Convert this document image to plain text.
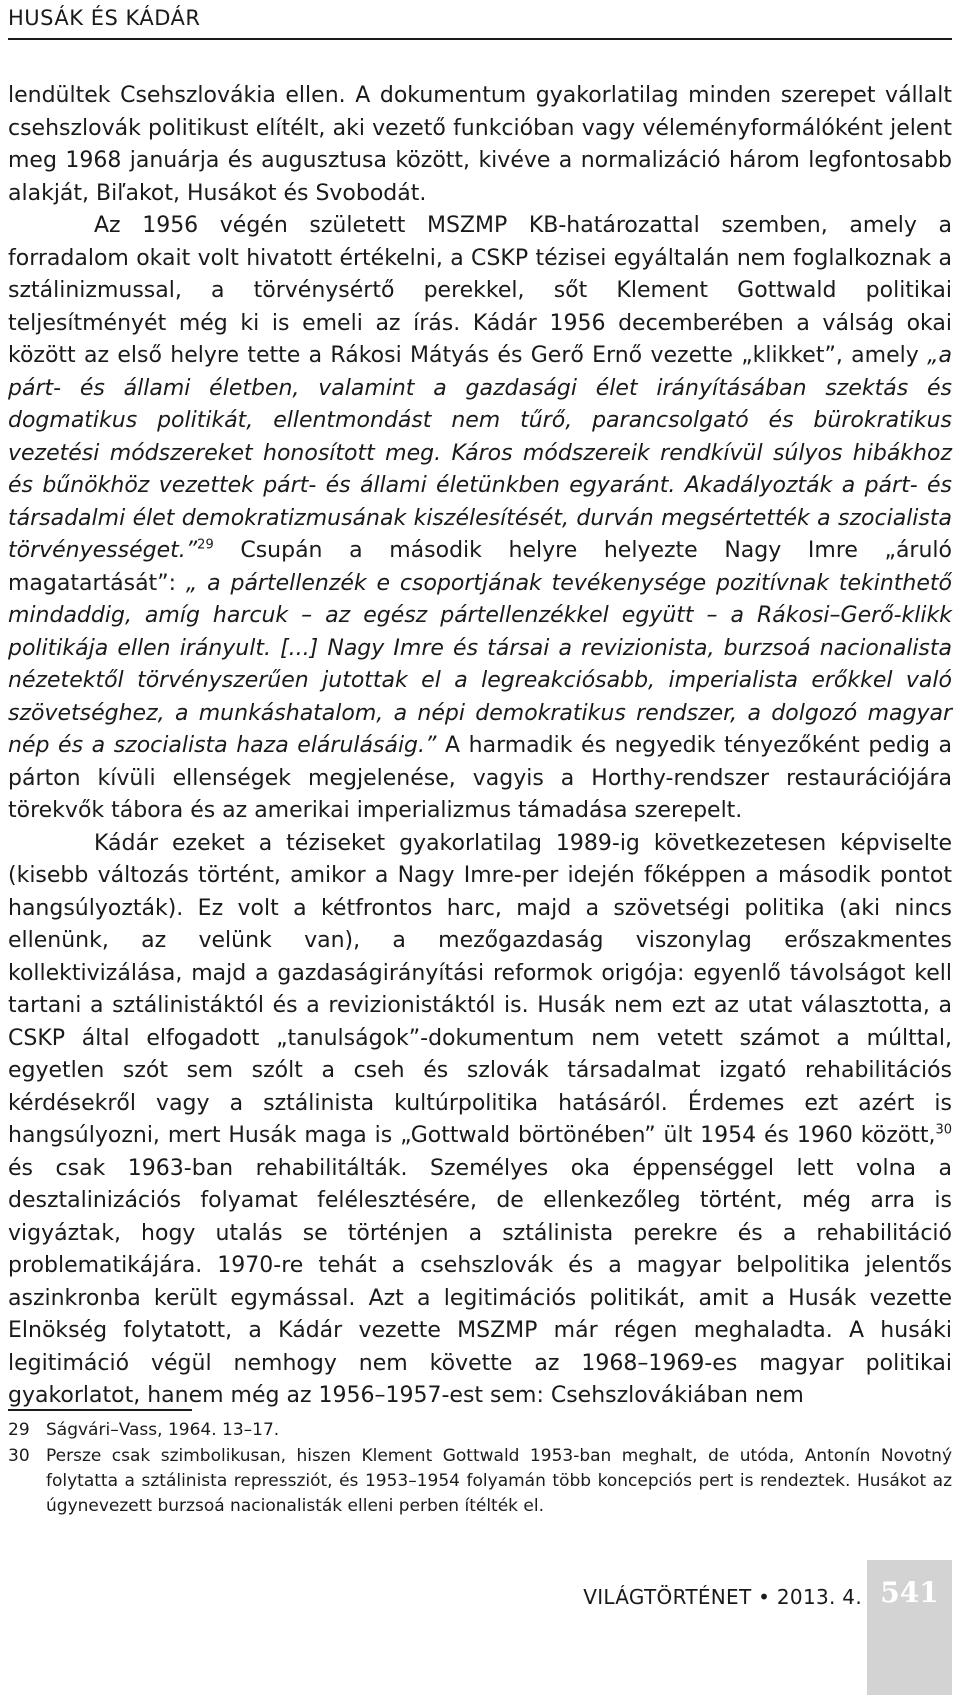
HUSÁK ÉS KÁDÁR

lendültek Csehszlovákia ellen. A dokumentum gyakorlatilag minden szerepet vállalt csehszlovák politikust elítélt, aki vezető funkcióban vagy véleményformálóként jelent meg 1968 januárja és augusztusa között, kivéve a normalizáció három legfontosabb alakját, Biľakot, Husákot és Svobodát.

Az 1956 végén született MSZMP KB-határozattal szemben, amely a forradalom okait volt hivatott értékelni, a CSKP tézisei egyáltalán nem foglalkoznak a sztálinizmussal, a törvénysértő perekkel, sőt Klement Gottwald politikai teljesítményét még ki is emeli az írás. Kádár 1956 decemberében a válság okai között az első helyre tette a Rákosi Mátyás és Gerő Ernő vezette „klikket”, amely „a párt- és állami életben, valamint a gazdasági élet irányításában szektás és dogmatikus politikát, ellentmondást nem tűrő, parancsolgató és bürokratikus vezetési módszereket honosított meg. Káros módszereik rendkívül súlyos hibákhoz és bűnökhöz vezettek párt- és állami életünkben egyaránt. Akadályozták a párt- és társadalmi élet demokratizmusának kiszélesítését, durván megsértették a szocialista törvényességet.”$^{29}$ Csupán a második helyre helyezte Nagy Imre „áruló magatartását”: „ a pártellenzék e csoportjának tevékenysége pozitívnak tekinthető mindaddig, amíg harcuk – az egész pártellenzékkel együtt – a Rákosi–Gerő-klikk politikája ellen irányult. [...] Nagy Imre és társai a revizionista, burzsoá nacionalista nézetektől törvényszerűen jutottak el a legreakciósabb, imperialista erőkkel való szövetséghez, a munkáshatalom, a népi demokratikus rendszer, a dolgozó magyar nép és a szocialista haza elárulásáig.” A harmadik és negyedik tényezőként pedig a párton kívüli ellenségek megjelenése, vagyis a Horthy-rendszer restaurációjára törekvők tábora és az amerikai imperializmus támadása szerepelt.

Kádár ezeket a téziseket gyakorlatilag 1989-ig következetesen képviselte (kisebb változás történt, amikor a Nagy Imre-per idején főképpen a második pontot hangsúlyozták). Ez volt a kétfrontos harc, majd a szövetségi politika (aki nincs ellenünk, az velünk van), a mezőgazdaság viszonylag erőszakmentes kollektivizálása, majd a gazdaságirányítási reformok origója: egyenlő távolságot kell tartani a sztálinistáktól és a revizionistáktól is. Husák nem ezt az utat választotta, a CSKP által elfogadott „tanulságok”-dokumentum nem vetett számot a múlttal, egyetlen szót sem szólt a cseh és szlovák társadalmat izgató rehabilitációs kérdésekről vagy a sztálinista kultúrpolitika hatásáról. Érdemes ezt azért is hangsúlyozni, mert Husák maga is „Gottwald börtönében” ült 1954 és 1960 között,$^{30}$ és csak 1963-ban rehabilitálták. Személyes oka éppenséggel lett volna a desztalinizációs folyamat felélesztésére, de ellenkezőleg történt, még arra is vigyáztak, hogy utalás se történjen a sztálinista perekre és a rehabilitáció problematikájára. 1970-re tehát a csehszlovák és a magyar belpolitika jelentős aszinkronba került egymással. Azt a legitimációs politikát, amit a Husák vezette Elnökség folytatott, a Kádár vezette MSZMP már régen meghaladta. A husáki legitimáció végül nemhogy nem követte az 1968–1969-es magyar politikai gyakorlatot, hanem még az 1956–1957-est sem: Csehszlovákiában nem

29 Ságvári–Vass, 1964. 13–17.

30 Persze csak szimbolikusan, hiszen Klement Gottwald 1953-ban meghalt, de utóda, Antonín Novotný folytatta a sztálinista repressziót, és 1953–1954 folyamán több koncepciós pert is rendeztek. Husákot az úgynevezett burzsoá nacionalisták elleni perben ítélték el.

VILÁGTÖRTÉNET • 2013. 4. 541
